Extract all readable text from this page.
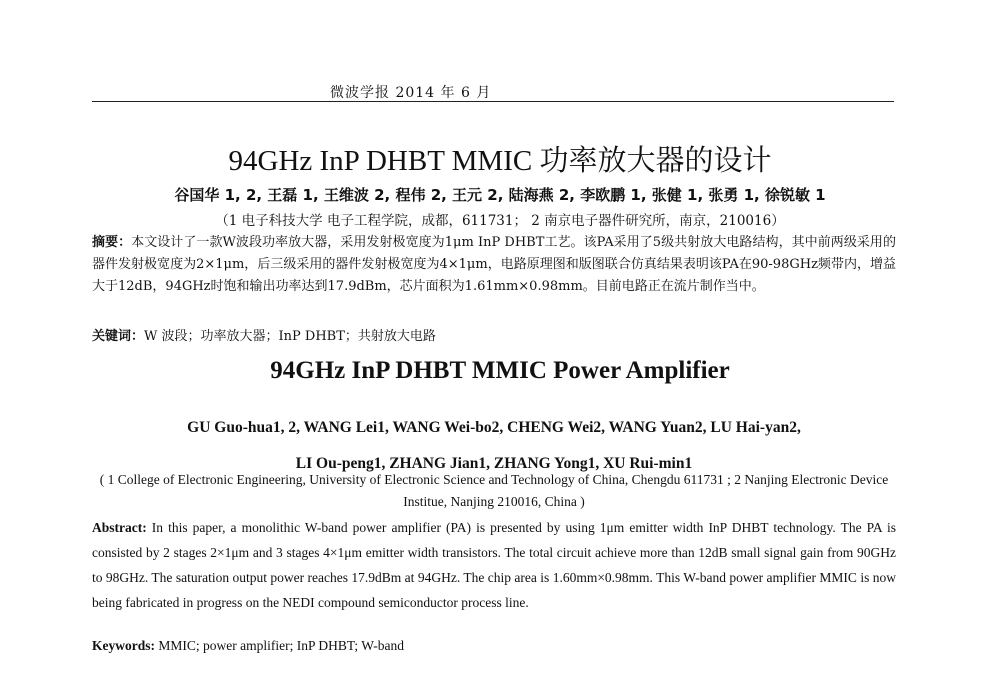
微波学报 2014 年 6 月
94GHz InP DHBT MMIC 功率放大器的设计
谷国华 1, 2, 王磊 1, 王维波 2, 程伟 2, 王元 2, 陆海燕 2, 李欧鹏 1, 张健 1, 张勇 1, 徐锐敏 1
（1 电子科技大学 电子工程学院，成都，611731； 2 南京电子器件研究所，南京，210016）
摘要：本文设计了一款W波段功率放大器，采用发射极宽度为1μm InP DHBT工艺。该PA采用了5级共射放大电路结构，其中前两级采用的器件发射极宽度为2×1μm，后三级采用的器件发射极宽度为4×1μm，电路原理图和版图联合仿真结果表明该PA在90-98GHz频带内，增益大于12dB，94GHz时饱和输出功率达到17.9dBm，芯片面积为1.61mm×0.98mm。目前电路正在流片制作当中。
关键词：W 波段；功率放大器；InP DHBT；共射放大电路
94GHz InP DHBT MMIC Power Amplifier
GU Guo-hua1, 2, WANG Lei1, WANG Wei-bo2, CHENG Wei2, WANG Yuan2, LU Hai-yan2,
LI Ou-peng1, ZHANG Jian1, ZHANG Yong1, XU Rui-min1
( 1 College of Electronic Engineering, University of Electronic Science and Technology of China, Chengdu 611731 ; 2 Nanjing Electronic Device Institue, Nanjing 210016, China )
Abstract: In this paper, a monolithic W-band power amplifier (PA) is presented by using 1μm emitter width InP DHBT technology. The PA is consisted by 2 stages 2×1μm and 3 stages 4×1μm emitter width transistors. The total circuit achieve more than 12dB small signal gain from 90GHz to 98GHz. The saturation output power reaches 17.9dBm at 94GHz. The chip area is 1.60mm×0.98mm. This W-band power amplifier MMIC is now being fabricated in progress on the NEDI compound semiconductor process line.
Keywords: MMIC; power amplifier; InP DHBT; W-band
